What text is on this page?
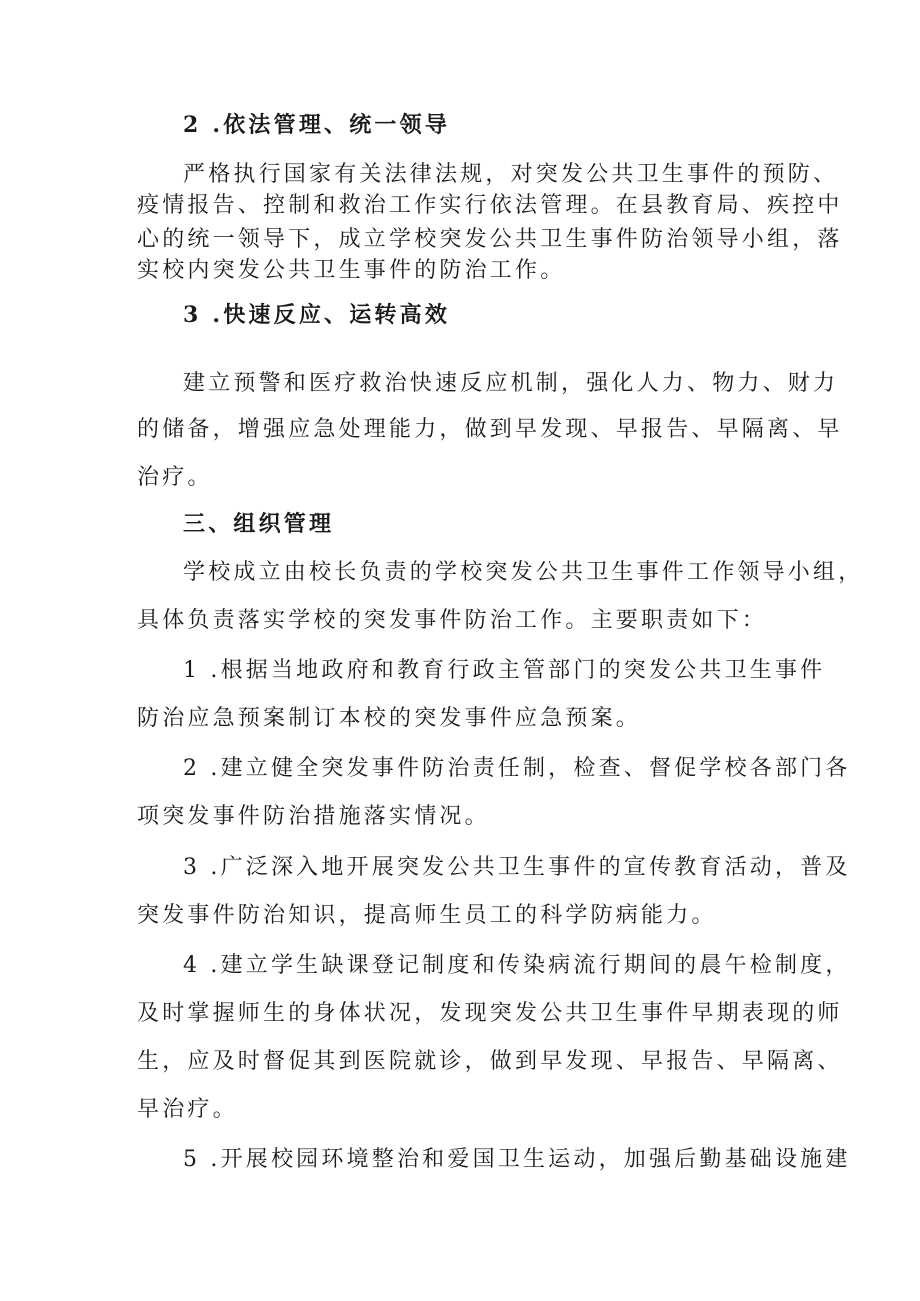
2 .依法管理、统一领导
严格执行国家有关法律法规，对突发公共卫生事件的预防、
疫情报告、控制和救治工作实行依法管理。在县教育局、疾控中
心的统一领导下，成立学校突发公共卫生事件防治领导小组，落
实校内突发公共卫生事件的防治工作。
3 .快速反应、运转高效
建立预警和医疗救治快速反应机制，强化人力、物力、财力
的储备，增强应急处理能力，做到早发现、早报告、早隔离、早
治疗。
三、组织管理
学校成立由校长负责的学校突发公共卫生事件工作领导小组，
具体负责落实学校的突发事件防治工作。主要职责如下：
1 .根据当地政府和教育行政主管部门的突发公共卫生事件
防治应急预案制订本校的突发事件应急预案。
2 .建立健全突发事件防治责任制，检查、督促学校各部门各
项突发事件防治措施落实情况。
3 .广泛深入地开展突发公共卫生事件的宣传教育活动，普及
突发事件防治知识，提高师生员工的科学防病能力。
4 .建立学生缺课登记制度和传染病流行期间的晨午检制度，
及时掌握师生的身体状况，发现突发公共卫生事件早期表现的师
生，应及时督促其到医院就诊，做到早发现、早报告、早隔离、
早治疗。
5 .开展校园环境整治和爱国卫生运动，加强后勤基础设施建
